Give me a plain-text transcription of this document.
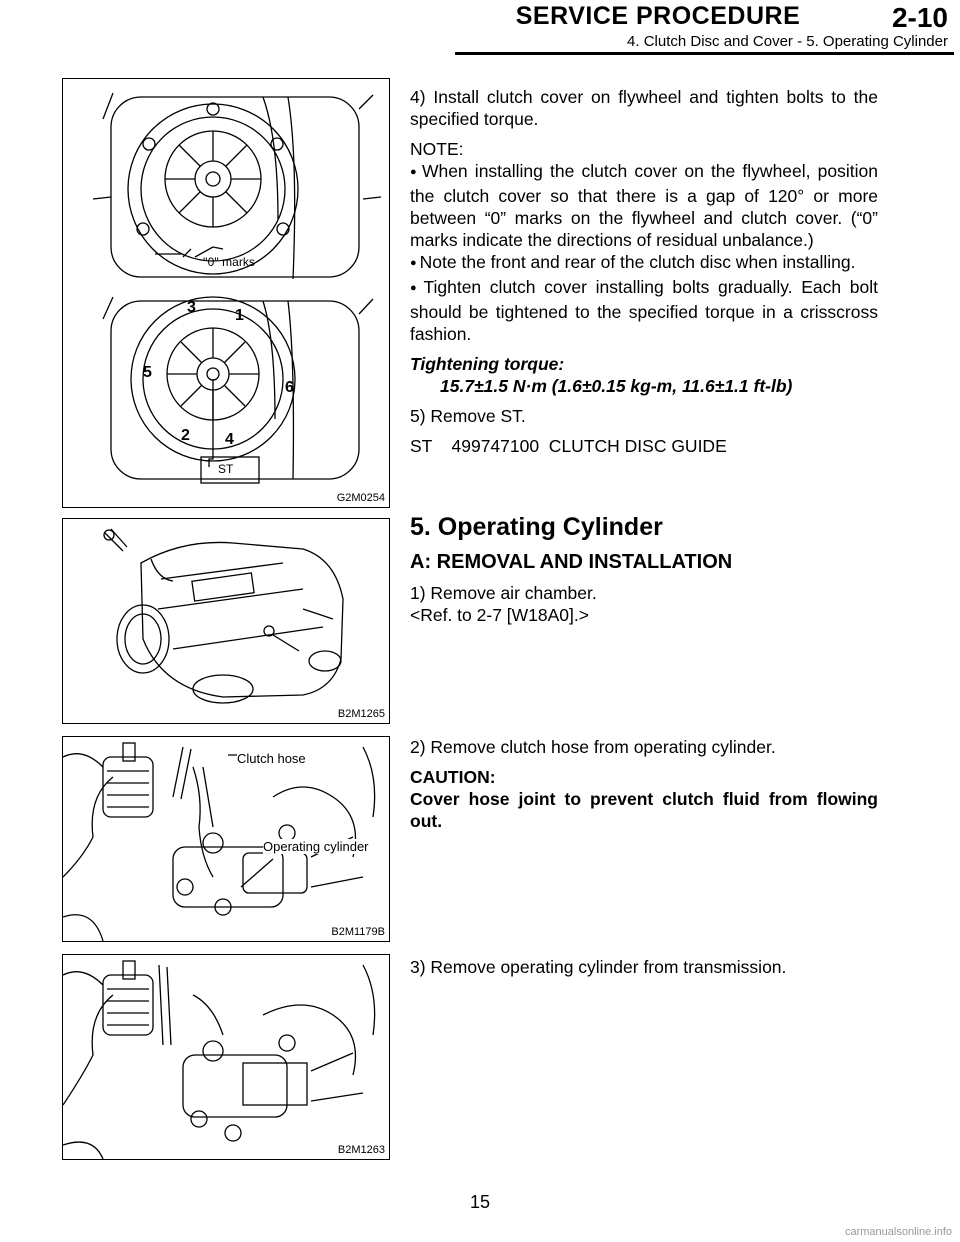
SERVICE PROCEDURE	2-10
4. Clutch Disc and Cover - 5. Operating Cylinder
''0'' marks
3 1
5
6
2 4
ST
G2M0254

4) Install clutch cover on flywheel and tighten bolts to the specified torque.

NOTE:

● When installing the clutch cover on the flywheel, position the clutch cover so that there is a gap of 120° or more between “0” marks on the flywheel and clutch cover. (“0” marks indicate the directions of residual unbalance.)

● Note the front and rear of the clutch disc when installing.

● Tighten clutch cover installing bolts gradually. Each bolt should be tightened to the specified torque in a crisscross fashion.

Tightening torque:

15.7±1.5 N·m (1.6±0.15 kg-m, 11.6±1.1 ft-lb)

5) Remove ST.

ST    499747100  CLUTCH DISC GUIDE

B2M1265

5. Operating Cylinder

A: REMOVAL AND INSTALLATION

1) Remove air chamber.

<Ref. to 2-7 [W18A0].>

Clutch hose
Operating cylinder
B2M1179B

2) Remove clutch hose from operating cylinder.

CAUTION:

Cover hose joint to prevent clutch fluid from flowing out.

B2M1263

3) Remove operating cylinder from transmission.

15
carmanualsonline.info
